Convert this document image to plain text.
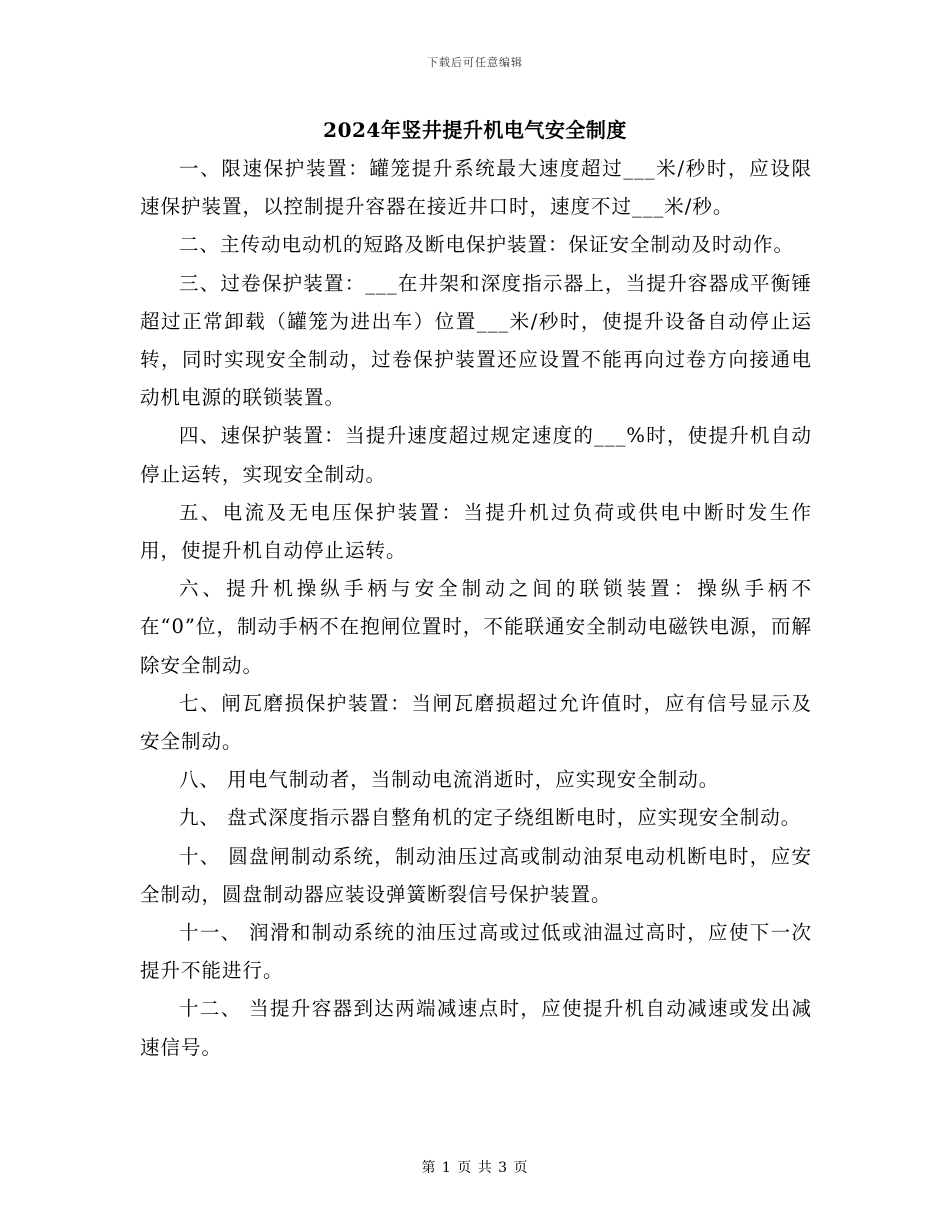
下载后可任意编辑
2024年竖井提升机电气安全制度

一、限速保护装置：罐笼提升系统最大速度超过___米/秒时，应设限速保护装置，以控制提升容器在接近井口时，速度不过___米/秒。

二、主传动电动机的短路及断电保护装置：保证安全制动及时动作。

三、过卷保护装置：___在井架和深度指示器上，当提升容器成平衡锤超过正常卸载（罐笼为进出车）位置___米/秒时，使提升设备自动停止运转，同时实现安全制动，过卷保护装置还应设置不能再向过卷方向接通电动机电源的联锁装置。

四、速保护装置：当提升速度超过规定速度的___%时，使提升机自动停止运转，实现安全制动。

五、电流及无电压保护装置：当提升机过负荷或供电中断时发生作用，使提升机自动停止运转。

六、提升机操纵手柄与安全制动之间的联锁装置：操纵手柄不在“0”位，制动手柄不在抱闸位置时，不能联通安全制动电磁铁电源，而解除安全制动。

七、闸瓦磨损保护装置：当闸瓦磨损超过允许值时，应有信号显示及安全制动。

八、 用电气制动者，当制动电流消逝时，应实现安全制动。

九、 盘式深度指示器自整角机的定子绕组断电时，应实现安全制动。

十、 圆盘闸制动系统，制动油压过高或制动油泵电动机断电时，应安全制动，圆盘制动器应装设弹簧断裂信号保护装置。

十一、 润滑和制动系统的油压过高或过低或油温过高时，应使下一次提升不能进行。

十二、 当提升容器到达两端减速点时，应使提升机自动减速或发出减速信号。

第 1 页 共 3 页
